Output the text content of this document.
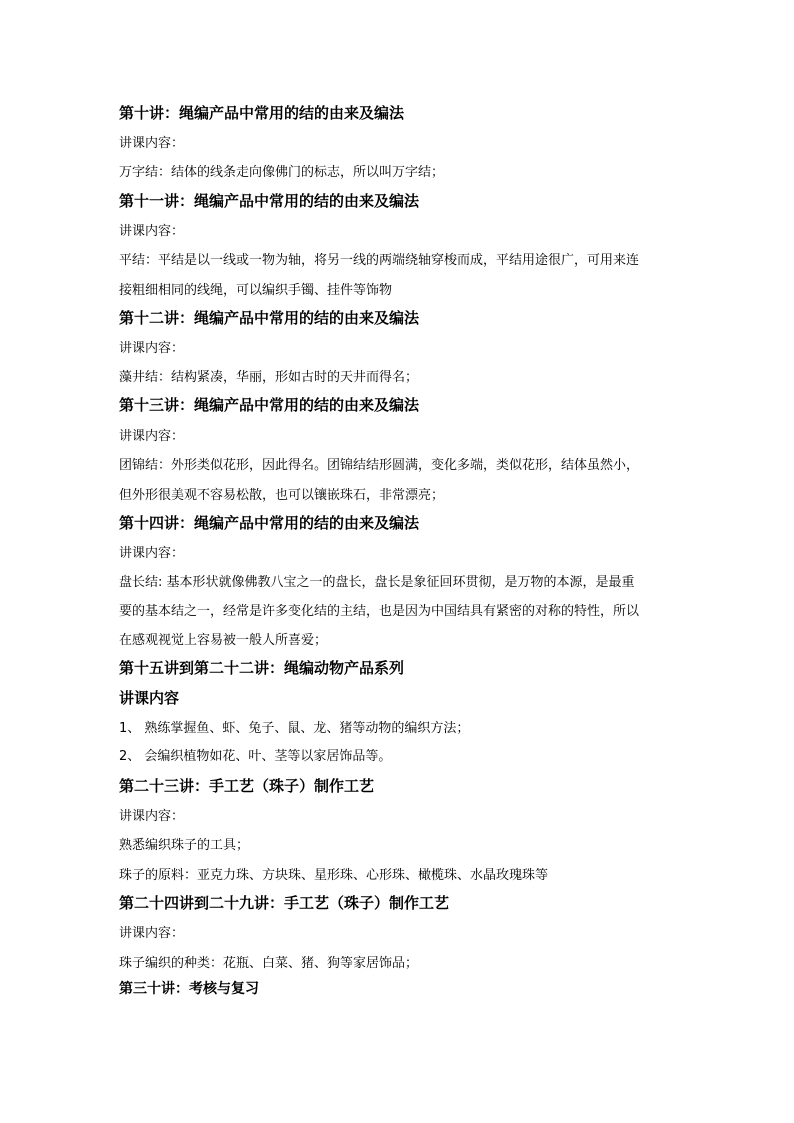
第十讲：绳编产品中常用的结的由来及编法
讲课内容：
万字结：结体的线条走向像佛门的标志，所以叫万字结；
第十一讲：绳编产品中常用的结的由来及编法
讲课内容：
平结：平结是以一线或一物为轴，将另一线的两端绕轴穿梭而成，平结用途很广，可用来连
接粗细相同的线绳，可以编织手镯、挂件等饰物
第十二讲：绳编产品中常用的结的由来及编法
讲课内容：
藻井结：结构紧凑，华丽，形如古时的天井而得名；
第十三讲：绳编产品中常用的结的由来及编法
讲课内容：
团锦结：外形类似花形，因此得名。团锦结结形圆满，变化多端，类似花形，结体虽然小，
但外形很美观不容易松散，也可以镶嵌珠石，非常漂亮；
第十四讲：绳编产品中常用的结的由来及编法
讲课内容：
盘长结: 基本形状就像佛教八宝之一的盘长，盘长是象征回环贯彻，是万物的本源，是最重
要的基本结之一，经常是许多变化结的主结，也是因为中国结具有紧密的对称的特性，所以
在感观视觉上容易被一般人所喜爱；
第十五讲到第二十二讲：绳编动物产品系列
讲课内容
1、 熟练掌握鱼、虾、兔子、鼠、龙、猪等动物的编织方法；
2、 会编织植物如花、叶、茎等以家居饰品等。
第二十三讲：手工艺（珠子）制作工艺
讲课内容：
熟悉编织珠子的工具；
珠子的原料：亚克力珠、方块珠、星形珠、心形珠、橄榄珠、水晶玫瑰珠等
第二十四讲到二十九讲：手工艺（珠子）制作工艺
讲课内容：
珠子编织的种类：花瓶、白菜、猪、狗等家居饰品；
第三十讲：考核与复习
